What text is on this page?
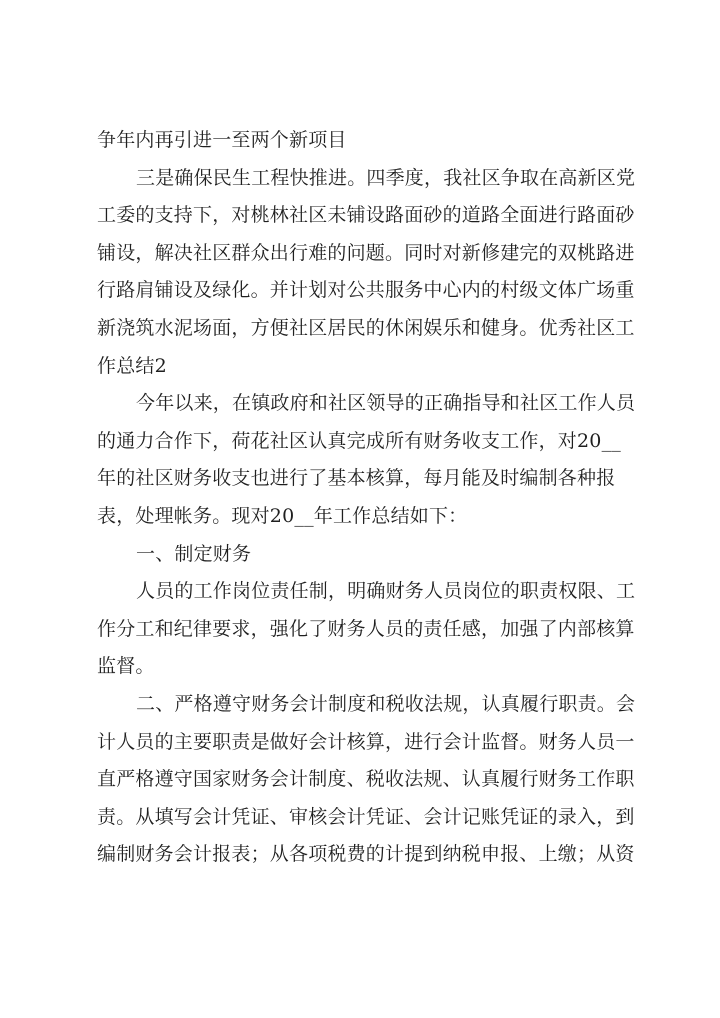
争年内再引进一至两个新项目
三是确保民生工程快推进。四季度，我社区争取在高新区党
工委的支持下，对桃林社区未铺设路面砂的道路全面进行路面砂
铺设，解决社区群众出行难的问题。同时对新修建完的双桃路进
行路肩铺设及绿化。并计划对公共服务中心内的村级文体广场重
新浇筑水泥场面，方便社区居民的休闲娱乐和健身。优秀社区工
作总结2
今年以来，在镇政府和社区领导的正确指导和社区工作人员
的通力合作下，荷花社区认真完成所有财务收支工作，对20__
年的社区财务收支也进行了基本核算，每月能及时编制各种报
表，处理帐务。现对20__年工作总结如下：
一、制定财务
人员的工作岗位责任制，明确财务人员岗位的职责权限、工
作分工和纪律要求，强化了财务人员的责任感，加强了内部核算
监督。
二、严格遵守财务会计制度和税收法规，认真履行职责。会
计人员的主要职责是做好会计核算，进行会计监督。财务人员一
直严格遵守国家财务会计制度、税收法规、认真履行财务工作职
责。从填写会计凭证、审核会计凭证、会计记账凭证的录入，到
编制财务会计报表；从各项税费的计提到纳税申报、上缴；从资
